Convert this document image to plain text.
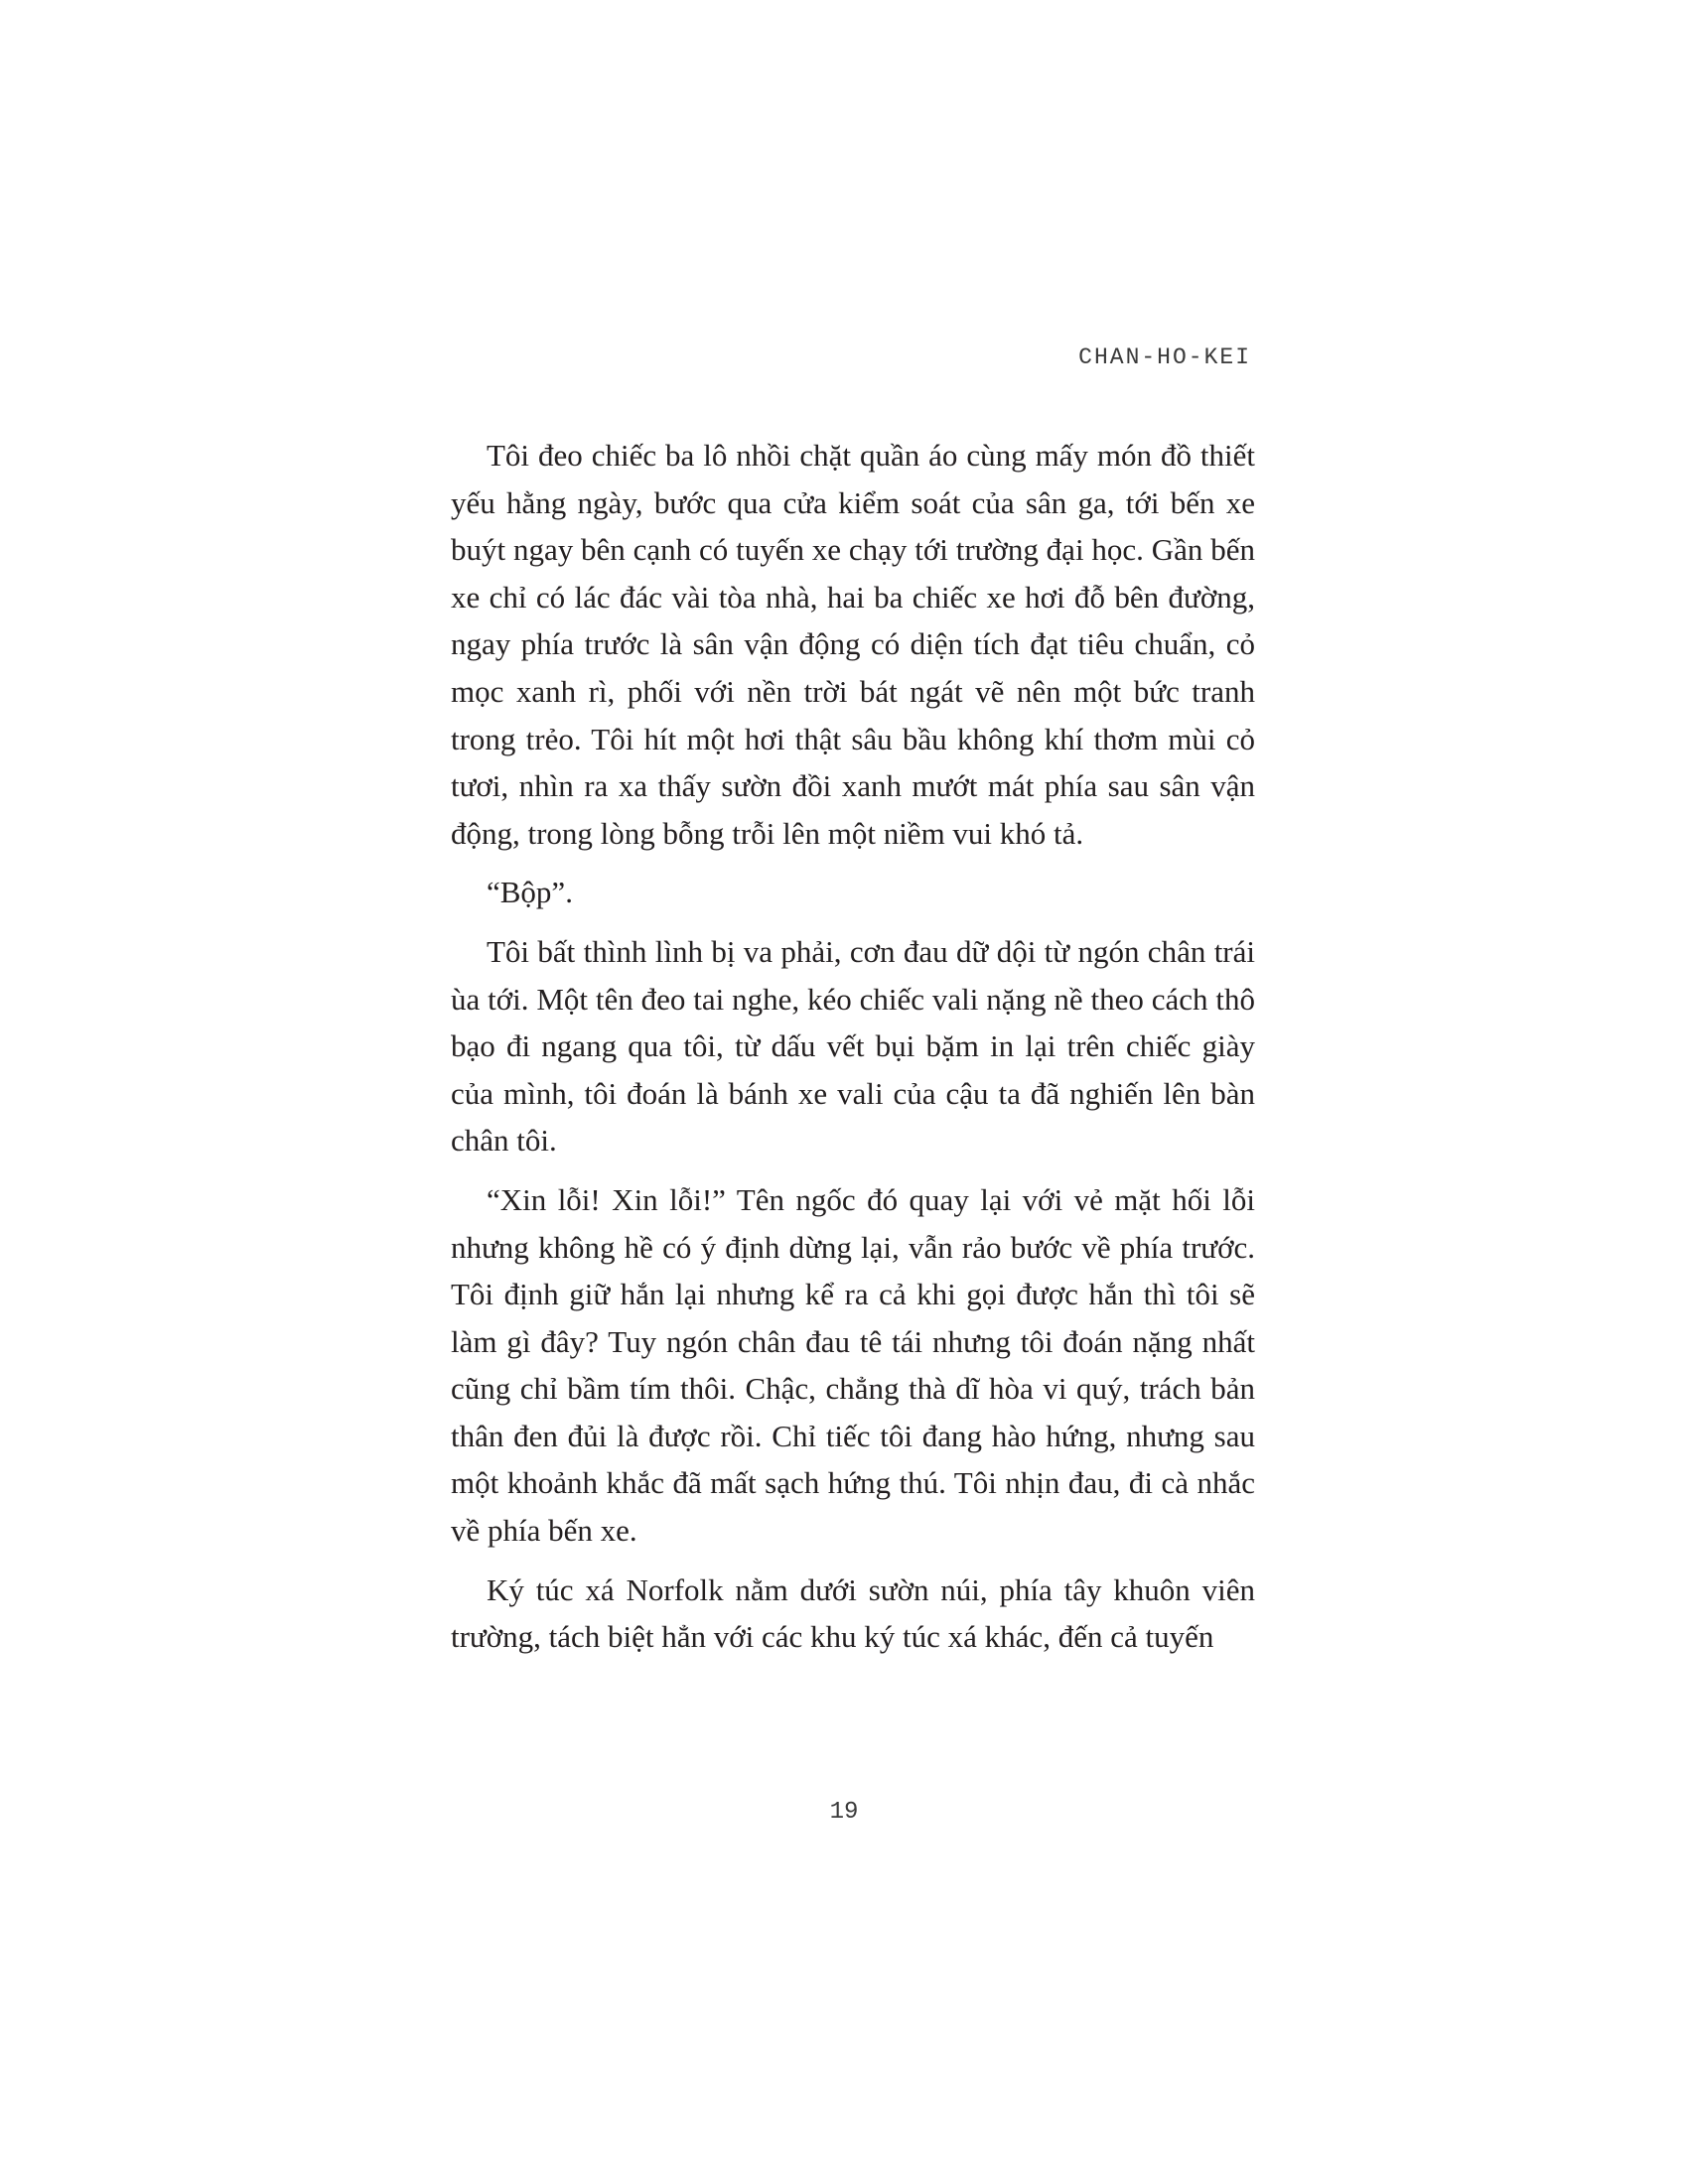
CHAN-HO-KEI

Tôi đeo chiếc ba lô nhồi chặt quần áo cùng mấy món đồ thiết yếu hằng ngày, bước qua cửa kiểm soát của sân ga, tới bến xe buýt ngay bên cạnh có tuyến xe chạy tới trường đại học. Gần bến xe chỉ có lác đác vài tòa nhà, hai ba chiếc xe hơi đỗ bên đường, ngay phía trước là sân vận động có diện tích đạt tiêu chuẩn, cỏ mọc xanh rì, phối với nền trời bát ngát vẽ nên một bức tranh trong trẻo. Tôi hít một hơi thật sâu bầu không khí thơm mùi cỏ tươi, nhìn ra xa thấy sườn đồi xanh mướt mát phía sau sân vận động, trong lòng bỗng trỗi lên một niềm vui khó tả.

“Bộp”.

Tôi bất thình lình bị va phải, cơn đau dữ dội từ ngón chân trái ùa tới. Một tên đeo tai nghe, kéo chiếc vali nặng nề theo cách thô bạo đi ngang qua tôi, từ dấu vết bụi bặm in lại trên chiếc giày của mình, tôi đoán là bánh xe vali của cậu ta đã nghiến lên bàn chân tôi.

“Xin lỗi! Xin lỗi!” Tên ngốc đó quay lại với vẻ mặt hối lỗi nhưng không hề có ý định dừng lại, vẫn rảo bước về phía trước. Tôi định giữ hắn lại nhưng kể ra cả khi gọi được hắn thì tôi sẽ làm gì đây? Tuy ngón chân đau tê tái nhưng tôi đoán nặng nhất cũng chỉ bầm tím thôi. Chậc, chẳng thà dĩ hòa vi quý, trách bản thân đen đủi là được rồi. Chỉ tiếc tôi đang hào hứng, nhưng sau một khoảnh khắc đã mất sạch hứng thú. Tôi nhịn đau, đi cà nhắc về phía bến xe.

Ký túc xá Norfolk nằm dưới sườn núi, phía tây khuôn viên trường, tách biệt hẳn với các khu ký túc xá khác, đến cả tuyến

19
